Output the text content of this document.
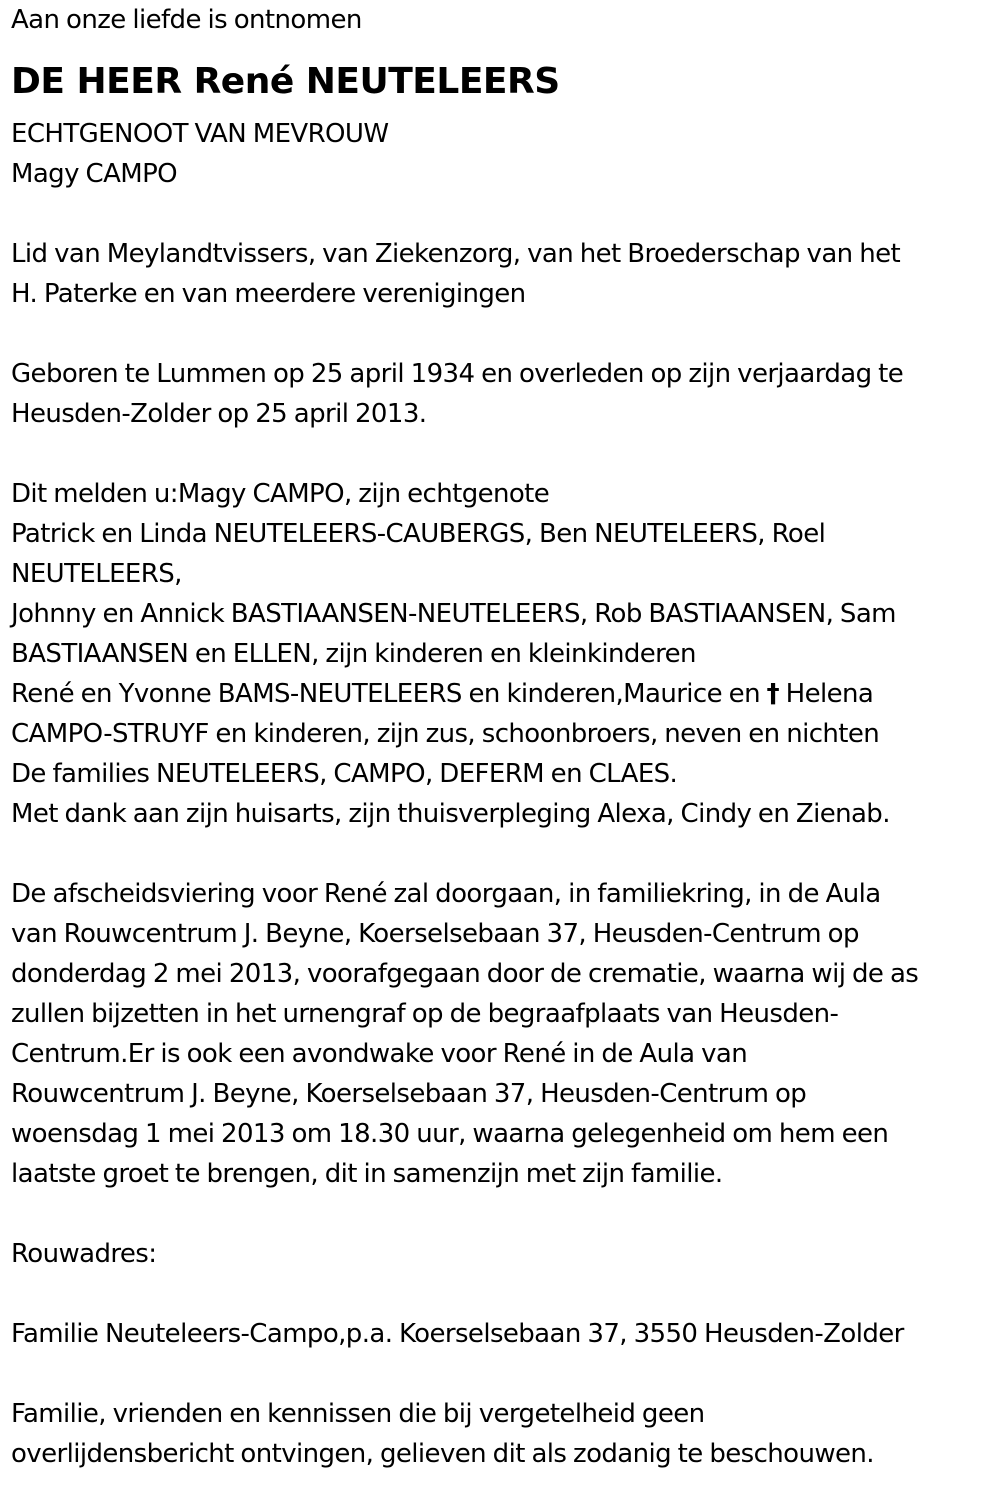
Aan onze liefde is ontnomen
DE HEER René NEUTELEERS
ECHTGENOOT VAN MEVROUW
Magy CAMPO
Lid van Meylandtvissers, van Ziekenzorg, van het Broederschap van het
H. Paterke en van meerdere verenigingen
Geboren te Lummen op 25 april 1934 en overleden op zijn verjaardag te
Heusden-Zolder op 25 april 2013.
Dit melden u:Magy CAMPO, zijn echtgenote
Patrick en Linda NEUTELEERS-CAUBERGS, Ben NEUTELEERS, Roel
NEUTELEERS,
Johnny en Annick BASTIAANSEN-NEUTELEERS, Rob BASTIAANSEN, Sam
BASTIAANSEN en ELLEN, zijn kinderen en kleinkinderen
René en Yvonne BAMS-NEUTELEERS en kinderen,Maurice en † Helena
CAMPO-STRUYF en kinderen, zijn zus, schoonbroers, neven en nichten
De families NEUTELEERS, CAMPO, DEFERM en CLAES.
Met dank aan zijn huisarts, zijn thuisverpleging Alexa, Cindy en Zienab.
De afscheidsviering voor René zal doorgaan, in familiekring, in de Aula
van Rouwcentrum J. Beyne, Koerselsebaan 37, Heusden-Centrum op
donderdag 2 mei 2013, voorafgegaan door de crematie, waarna wij de as
zullen bijzetten in het urnengraf op de begraafplaats van Heusden-
Centrum.Er is ook een avondwake voor René in de Aula van
Rouwcentrum J. Beyne, Koerselsebaan 37, Heusden-Centrum op
woensdag 1 mei 2013 om 18.30 uur, waarna gelegenheid om hem een
laatste groet te brengen, dit in samenzijn met zijn familie.
Rouwadres:
Familie Neuteleers-Campo,p.a. Koerselsebaan 37, 3550 Heusden-Zolder
Familie, vrienden en kennissen die bij vergetelheid geen
overlijdensbericht ontvingen, gelieven dit als zodanig te beschouwen.
